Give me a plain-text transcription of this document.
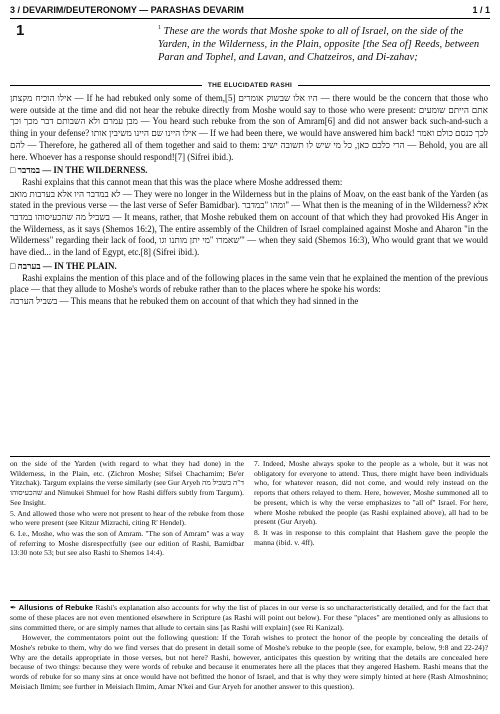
3 / DEVARIM/DEUTERONOMY — PARASHAS DEVARIM	1 / 1
1	$^1$ These are the words that Moshe spoke to all of Israel, on the side of the Yarden, in the Wilderness, in the Plain, opposite [the Sea of] Reeds, between Paran and Tophel, and Lavan, and Chatzeiros, and Di-zahav;
THE ELUCIDATED RASHI

אילו הוכיח מקצתן — If he had rebuked only some of them,[5] היו אלו שבשוק אומרים — there would be the concern that those who were outside at the time and did not hear the rebuke directly from Moshe would say to those who were present: אתם הייתם שומעים מבן עמרם ולא השבותם דבר מכך וכך — You heard such rebuke from the son of Amram[6] and did not answer back such-and-such a thing in your defense? אילו היינו שם היינו משיבין אותו — If we had been there, we would have answered him back! לכך כנסם כולם ואמר להם — Therefore, he gathered all of them together and said to them: הרי כלכם כאן, כל מי שיש לו תשובה ישיב — Behold, you are all here. Whoever has a response should respond![7] (Sifrei ibid.).

□ במדבר — IN THE WILDERNESS.

Rashi explains that this cannot mean that this was the place where Moshe addressed them:

לא במדבר היו אלא בערבות מואב — They were no longer in the Wilderness but in the plains of Moav, on the east bank of the Yarden (as stated in the previous verse — the last verse of Sefer Bamidbar). ומהו "במדבר" — What then is the meaning of in the Wilderness? אלא בשביל מה שהכעיסוהו במדבר — It means, rather, that Moshe rebuked them on account of that which they had provoked His Anger in the Wilderness, as it says (Shemos 16:2), The entire assembly of the Children of Israel complained against Moshe and Aharon "in the Wilderness" regarding their lack of food, שאמרו "מי יתן מותנו וגו'" — when they said (Shemos 16:3), Who would grant that we would have died... in the land of Egypt, etc.[8] (Sifrei ibid.).

□ בערבה — IN THE PLAIN.

Rashi explains the mention of this place and of the following places in the same vein that he explained the mention of the previous place — that they allude to Moshe's words of rebuke rather than to the places where he spoke his words:

בשביל הערבה — This means that he rebuked them on account of that which they had sinned in the

on the side of the Yarden (with regard to what they had done) in the Wilderness, in the Plain, etc. (Zichron Moshe; Sifsei Chachamim; Be'er Yitzchak). Targum explains the verse similarly (see Gur Aryeh ד"ה בשביל מה שהכעיסוהו and Nimukei Shmuel for how Rashi differs subtly from Targum). See Insight.

5. And allowed those who were not present to hear of the rebuke from those who were present (see Kitzur Mizrachi, citing R' Hendel).

6. I.e., Moshe, who was the son of Amram. "The son of Amram" was a way of referring to Moshe disrespectfully (see our edition of Rashi, Bamidbar 13:30 note 53; but see also Rashi to Shemos 14:4).

7. Indeed, Moshe always spoke to the people as a whole, but it was not obligatory for everyone to attend. Thus, there might have been individuals who, for whatever reason, did not come, and would rely instead on the reports that others relayed to them. Here, however, Moshe summoned all to be present, which is why the verse emphasizes to "all of" Israel. For here, where Moshe rebuked the people (as Rashi explained above), all had to be present (Gur Aryeh).

8. It was in response to this complaint that Hashem gave the people the manna (ibid. v. 4ff).

✒ Allusions of Rebuke Rashi's explanation also accounts for why the list of places in our verse is so uncharacteristically detailed, and for the fact that some of these places are not even mentioned elsewhere in Scripture (as Rashi will point out below). For these "places" are mentioned only as allusions to sins committed there, or are simply names that allude to certain sins [as Rashi will explain] (see Ri Kanizal).

However, the commentators point out the following question: If the Torah wishes to protect the honor of the people by concealing the details of Moshe's rebuke to them, why do we find verses that do present in detail some of Moshe's rebuke to the people (see, for example, below, 9:8 and 22-24)? Why are the details appropriate in those verses, but not here? Rashi, however, anticipates this question by writing that the details are concealed here because of two things: because they were words of rebuke and because it enumerates here all the places that they angered Hashem. Rashi means that the words of rebuke for so many sins at once would have not befitted the honor of Israel, and that is why they were simply hinted at here (Rash Almoshnino; Meisiach Ilmim; see further in Meisiach Ilmim, Amar N'kei and Gur Aryeh for another answer to this question).
